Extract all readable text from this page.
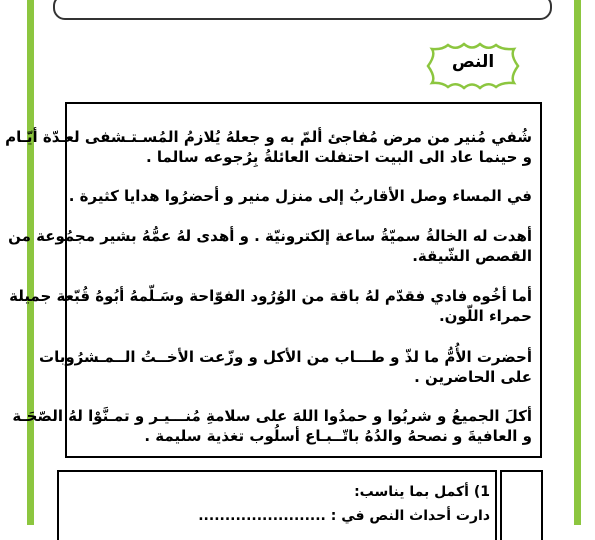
النص
شُفي مُنير من مرض مُفاجئ ألمّ به و جعلهُ يُلازمُ المُسـتـشفى لعـدّة أيّـام
و حينما عاد الى البيت احتفلت العائلةُ بِرُجوعه سالما .
في المساء وصل الأقاربُ إلى منزل منير و أحضرُوا هدايا كثيرة .
أهدت له الخالةُ سميّةُ ساعة إلكترونيّة . و أهدى لهُ عمُّهُ بشير مجمُوعة من
القصص الشّيقة.
أما أخُوه فادي فقدّم لهُ باقة من الوُرُود الفوّاحة وسَـلّمهُ أبُوهُ قُبّعة جميلة
حمراء اللّون.
أحضرت الأُمُّ ما لذّ و طـــاب من الأكل و وزّعت الأخــتُ الــمـشرُوبات
على الحاضرين .
أكلَ الجميعُ و شربُوا و حمدُوا اللهَ على سلامةِ مُنـــيـر و تمـنَّوْا لهُ الصّحَـة
و العافيةَ و نصحهُ والدُهُ باتّــبـاع أسلُوب تغذية سليمة .
1) أكمل بما يناسب:
دارت أحداث النص في : ........................
